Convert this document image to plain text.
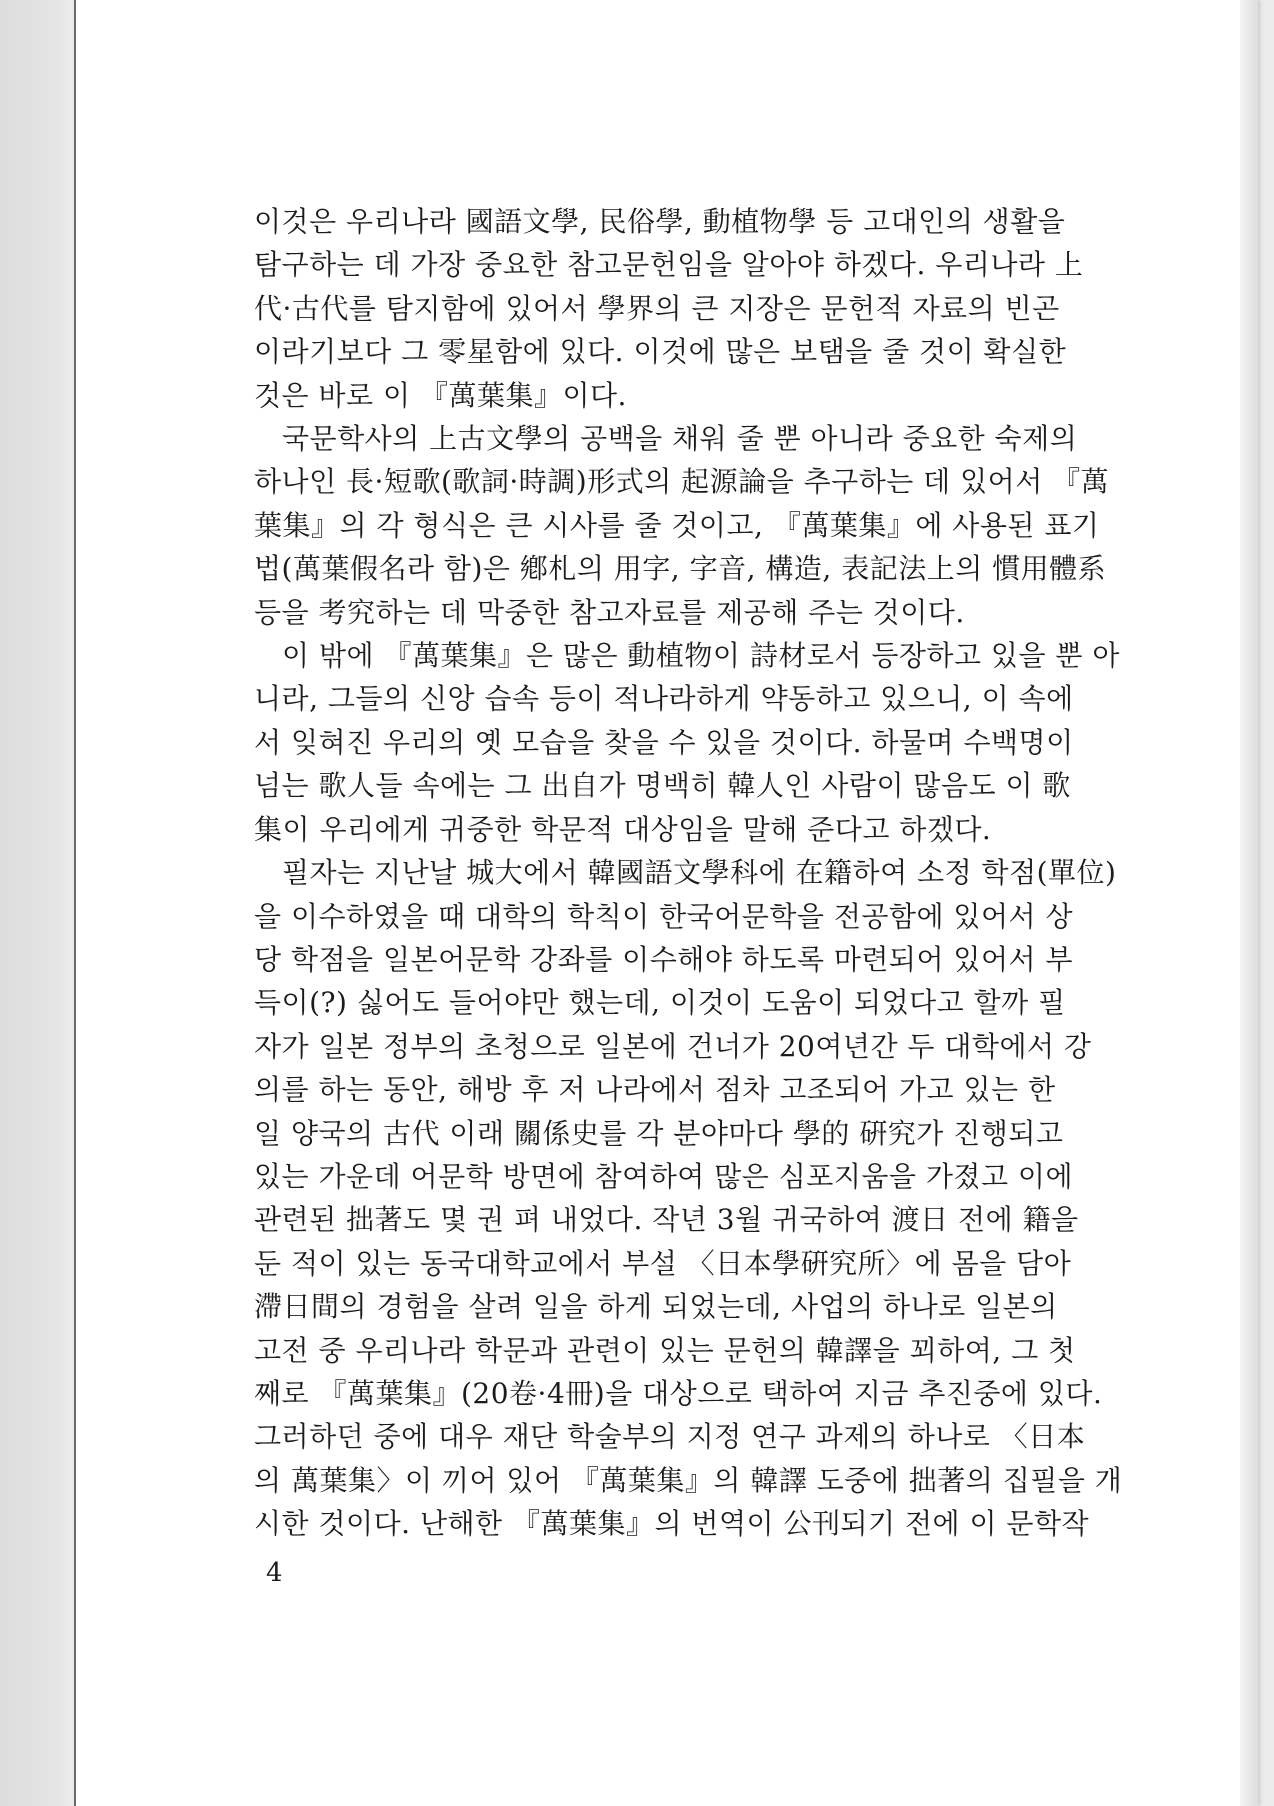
이것은 우리나라 國語文學, 民俗學, 動植物學 등 고대인의 생활을
탐구하는 데 가장 중요한 참고문헌임을 알아야 하겠다. 우리나라 上
代·古代를 탐지함에 있어서 學界의 큰 지장은 문헌적 자료의 빈곤
이라기보다 그 零星함에 있다. 이것에 많은 보탬을 줄 것이 확실한
것은 바로 이 『萬葉集』이다.

국문학사의 上古文學의 공백을 채워 줄 뿐 아니라 중요한 숙제의
하나인 長·短歌(歌詞·時調)形式의 起源論을 추구하는 데 있어서 『萬
葉集』의 각 형식은 큰 시사를 줄 것이고, 『萬葉集』에 사용된 표기
법(萬葉假名라 함)은 鄕札의 用字, 字音, 構造, 表記法上의 慣用體系
등을 考究하는 데 막중한 참고자료를 제공해 주는 것이다.

이 밖에 『萬葉集』은 많은 動植物이 詩材로서 등장하고 있을 뿐 아
니라, 그들의 신앙 습속 등이 적나라하게 약동하고 있으니, 이 속에
서 잊혀진 우리의 옛 모습을 찾을 수 있을 것이다. 하물며 수백명이
넘는 歌人들 속에는 그 出自가 명백히 韓人인 사람이 많음도 이 歌
集이 우리에게 귀중한 학문적 대상임을 말해 준다고 하겠다.

필자는 지난날 城大에서 韓國語文學科에 在籍하여 소정 학점(單位)
을 이수하였을 때 대학의 학칙이 한국어문학을 전공함에 있어서 상
당 학점을 일본어문학 강좌를 이수해야 하도록 마련되어 있어서 부
득이(?) 싫어도 들어야만 했는데, 이것이 도움이 되었다고 할까 필
자가 일본 정부의 초청으로 일본에 건너가 20여년간 두 대학에서 강
의를 하는 동안, 해방 후 저 나라에서 점차 고조되어 가고 있는 한
일 양국의 古代 이래 關係史를 각 분야마다 學的 硏究가 진행되고
있는 가운데 어문학 방면에 참여하여 많은 심포지움을 가졌고 이에
관련된 拙著도 몇 권 펴 내었다. 작년 3월 귀국하여 渡日 전에 籍을
둔 적이 있는 동국대학교에서 부설 〈日本學硏究所〉에 몸을 담아
滯日間의 경험을 살려 일을 하게 되었는데, 사업의 하나로 일본의
고전 중 우리나라 학문과 관련이 있는 문헌의 韓譯을 꾀하여, 그 첫
째로 『萬葉集』(20卷·4冊)을 대상으로 택하여 지금 추진중에 있다.
그러하던 중에 대우 재단 학술부의 지정 연구 과제의 하나로 〈日本
의 萬葉集〉이 끼어 있어 『萬葉集』의 韓譯 도중에 拙著의 집필을 개
시한 것이다. 난해한 『萬葉集』의 번역이 公刊되기 전에 이 문학작

4
